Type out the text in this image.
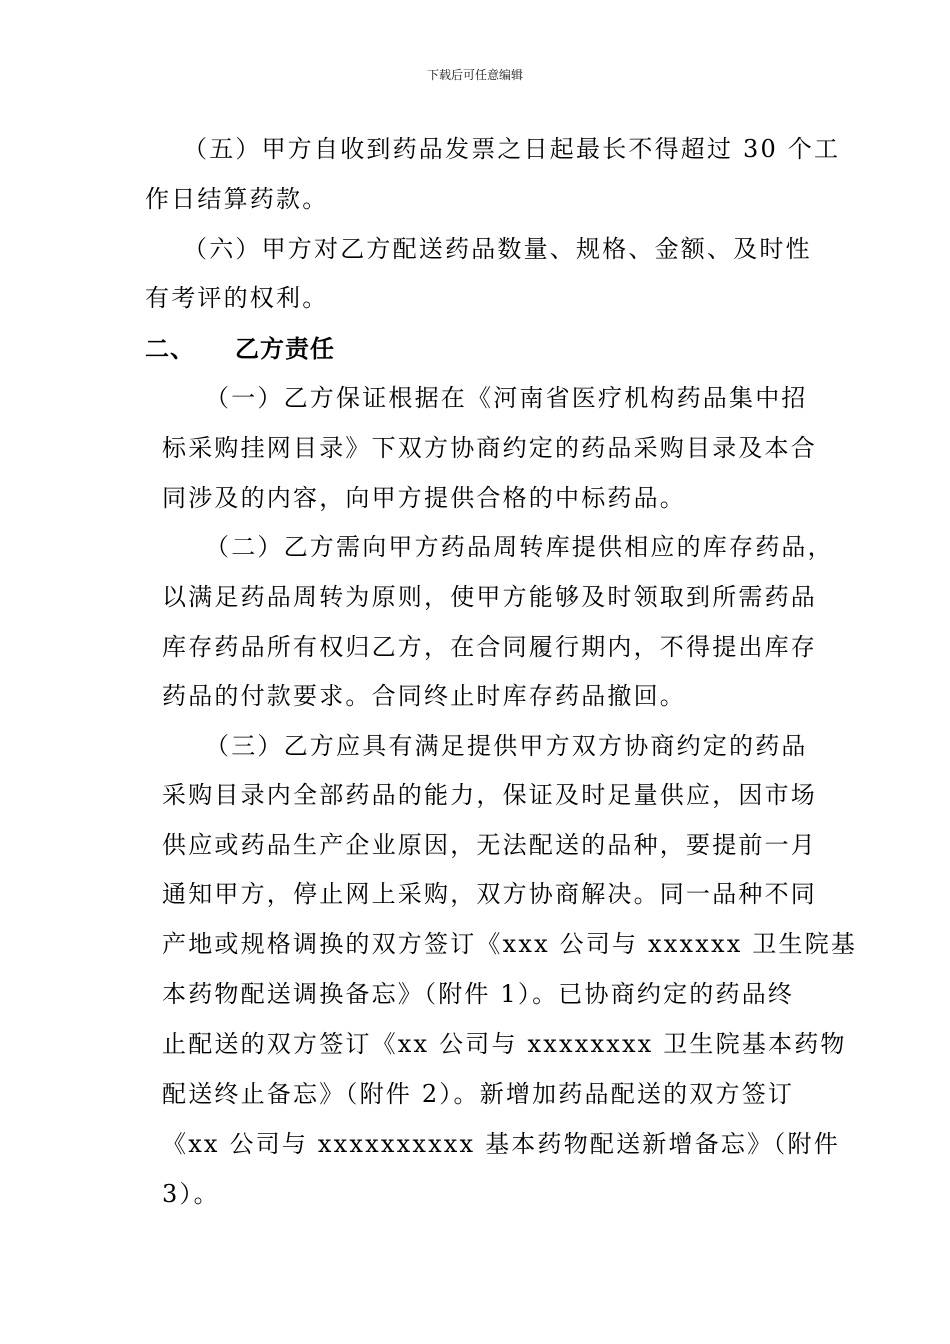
下载后可任意编辑
（五）甲方自收到药品发票之日起最长不得超过 30 个工
作日结算药款。
（六）甲方对乙方配送药品数量、规格、金额、及时性
有考评的权利。
二、 乙方责任
（一）乙方保证根据在《河南省医疗机构药品集中招
标采购挂网目录》下双方协商约定的药品采购目录及本合
同涉及的内容，向甲方提供合格的中标药品。
（二）乙方需向甲方药品周转库提供相应的库存药品，
以满足药品周转为原则，使甲方能够及时领取到所需药品
库存药品所有权归乙方，在合同履行期内，不得提出库存
药品的付款要求。合同终止时库存药品撤回。
（三）乙方应具有满足提供甲方双方协商约定的药品
采购目录内全部药品的能力，保证及时足量供应，因市场
供应或药品生产企业原因，无法配送的品种，要提前一月
通知甲方，停止网上采购，双方协商解决。同一品种不同
产地或规格调换的双方签订《xxx 公司与 xxxxxx 卫生院基
本药物配送调换备忘》（附件 1）。已协商约定的药品终
止配送的双方签订《xx 公司与 xxxxxxxx 卫生院基本药物
配送终止备忘》（附件 2）。新增加药品配送的双方签订
《xx 公司与 xxxxxxxxxx 基本药物配送新增备忘》（附件
3）。
